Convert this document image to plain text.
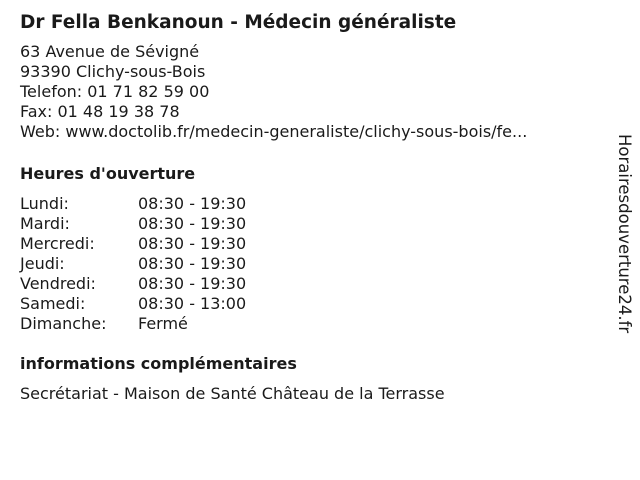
Dr Fella Benkanoun - Médecin généraliste
63 Avenue de Sévigné
93390 Clichy-sous-Bois
Telefon: 01 71 82 59 00
Fax: 01 48 19 38 78
Web: www.doctolib.fr/medecin-generaliste/clichy-sous-bois/fe...
Heures d'ouverture
Lundi:	08:30 - 19:30
Mardi:	08:30 - 19:30
Mercredi:	08:30 - 19:30
Jeudi:	08:30 - 19:30
Vendredi:	08:30 - 19:30
Samedi:	08:30 - 13:00
Dimanche:	Fermé
informations complémentaires
Secrétariat - Maison de Santé Château de la Terrasse
Horairesdouverture24.fr
